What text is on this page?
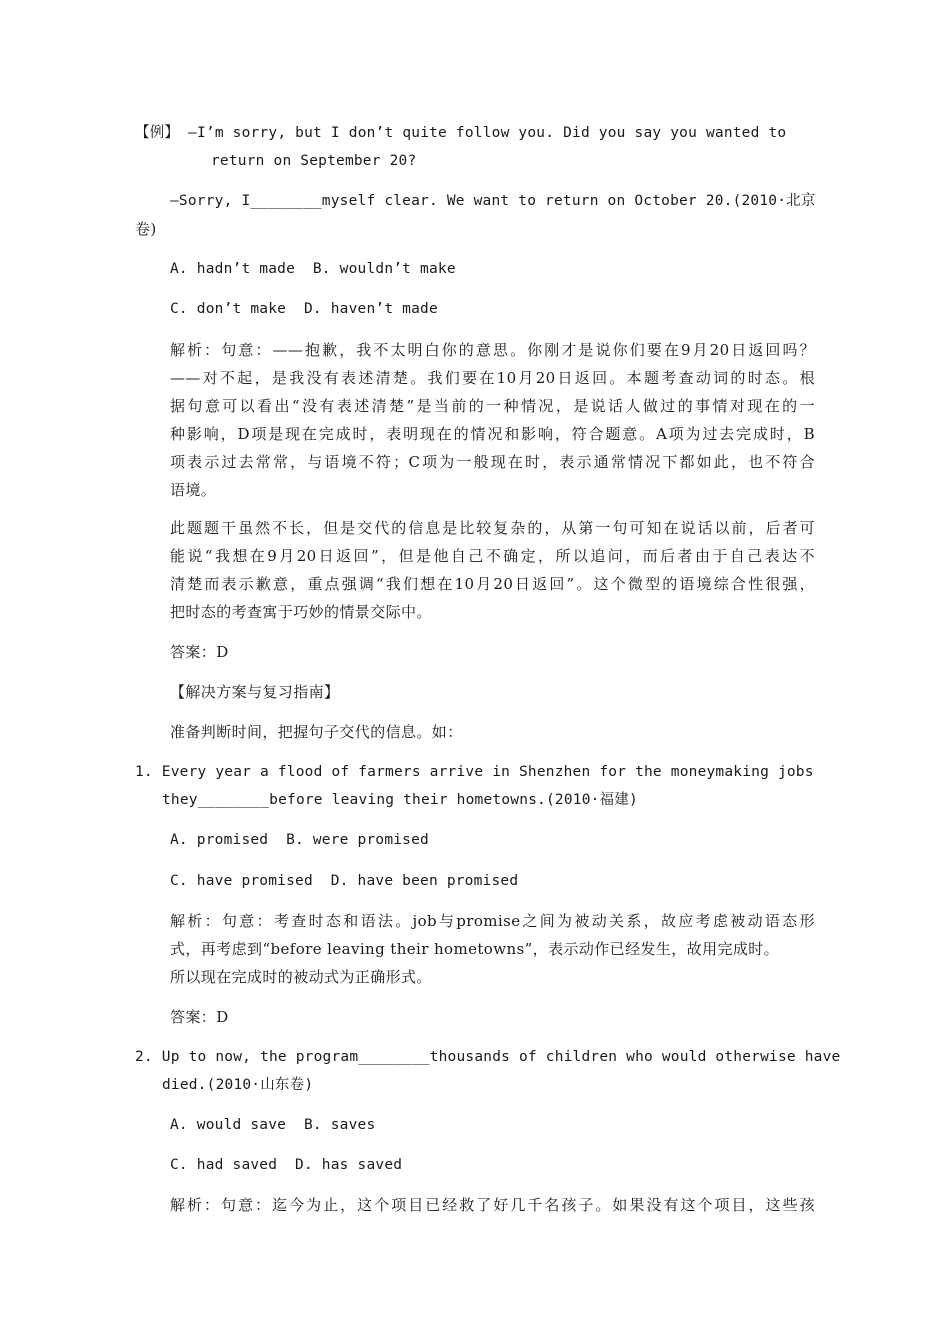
【例】 —I’m sorry, but I don’t quite follow you. Did you say you wanted to
return on September 20?
—Sorry, I________myself clear. We want to return on October 20.(2010·北京
卷)
A. hadn’t made  B. wouldn’t make
C. don’t make  D. haven’t made
解析：句意：——抱歉，我不太明白你的意思。你刚才是说你们要在9月20日返回吗？
——对不起，是我没有表述清楚。我们要在10月20日返回。本题考查动词的时态。根
据句意可以看出“没有表述清楚”是当前的一种情况，是说话人做过的事情对现在的一
种影响，D项是现在完成时，表明现在的情况和影响，符合题意。A项为过去完成时，B
项表示过去常常，与语境不符；C项为一般现在时，表示通常情况下都如此，也不符合
语境。
此题题干虽然不长，但是交代的信息是比较复杂的，从第一句可知在说话以前，后者可
能说“我想在9月20日返回”，但是他自己不确定，所以追问，而后者由于自己表达不
清楚而表示歉意，重点强调“我们想在10月20日返回”。这个微型的语境综合性很强，
把时态的考查寓于巧妙的情景交际中。
答案：D
【解决方案与复习指南】
准备判断时间，把握句子交代的信息。如：
1. Every year a flood of farmers arrive in Shenzhen for the moneymaking jobs
they________before leaving their hometowns.(2010·福建)
A. promised  B. were promised
C. have promised  D. have been promised
解析：句意：考查时态和语法。job与promise之间为被动关系，故应考虑被动语态形
式，再考虑到“before leaving their hometowns”，表示动作已经发生，故用完成时。
所以现在完成时的被动式为正确形式。
答案：D
2. Up to now, the program________thousands of children who would otherwise have
died.(2010·山东卷)
A. would save  B. saves
C. had saved  D. has saved
解析：句意：迄今为止，这个项目已经救了好几千名孩子。如果没有这个项目，这些孩
